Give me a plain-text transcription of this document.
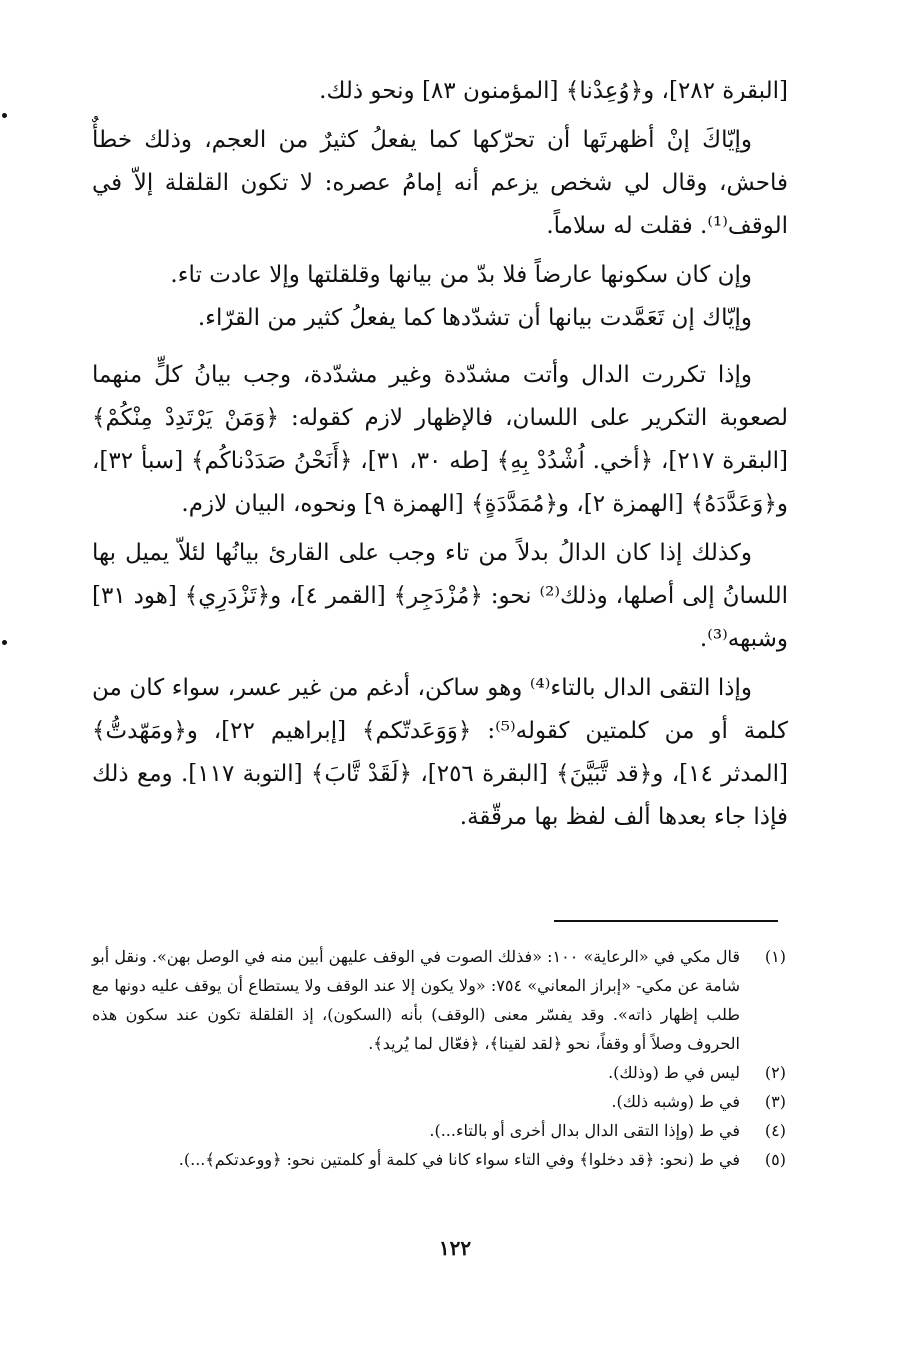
[البقرة ٢٨٢]، و﴿وُعِدْنا﴾ [المؤمنون ٨٣] ونحو ذلك.

وإيّاكَ إنْ أظهرتَها أن تحرّكها كما يفعلُ كثيرٌ من العجم، وذلك خطأٌ فاحش، وقال لي شخص يزعم أنه إمامُ عصره: لا تكون القلقلة إلاّ في الوقف⁽¹⁾. فقلت له سلاماً.

وإن كان سكونها عارضاً فلا بدّ من بيانها وقلقلتها وإلا عادت تاء.

وإيّاك إن تَعَمَّدت بيانها أن تشدّدها كما يفعلُ كثير من القرّاء.

وإذا تكررت الدال وأتت مشدّدة وغير مشدّدة، وجب بيانُ كلٍّ منهما لصعوبة التكرير على اللسان، فالإظهار لازم كقوله: ﴿وَمَنْ يَرْتَدِدْ مِنْكُمْ﴾ [البقرة ٢١٧]، ﴿أخي. اُشْدُدْ بِهِ﴾ [طه ٣٠، ٣١]، ﴿أَنَحْنُ صَدَدْناكُم﴾ [سبأ ٣٢]، و﴿وَعَدَّدَهُ﴾ [الهمزة ٢]، و﴿مُمَدَّدَةٍ﴾ [الهمزة ٩] ونحوه، البيان لازم.

وكذلك إذا كان الدالُ بدلاً من تاء وجب على القارئ بيانُها لئلاّ يميل بها اللسانُ إلى أصلها، وذلك⁽²⁾ نحو: ﴿مُزْدَجِر﴾ [القمر ٤]، و﴿تَزْدَرِي﴾ [هود ٣١] وشبهه⁽³⁾.

وإذا التقى الدال بالتاء⁽⁴⁾ وهو ساكن، أدغم من غير عسر، سواء كان من كلمة أو من كلمتين كقوله⁽⁵⁾: ﴿وَوَعَدتّكم﴾ [إبراهيم ٢٢]، و﴿ومَهّدتُّ﴾ [المدثر ١٤]، و﴿قد تَّبَيَّنَ﴾ [البقرة ٢٥٦]، ﴿لَقَدْ تَّابَ﴾ [التوبة ١١٧]. ومع ذلك فإذا جاء بعدها ألف لفظ بها مرقّقة.

(١)
قال مكي في «الرعاية» ١٠٠: «فذلك الصوت في الوقف عليهن أبين منه في الوصل بهن». ونقل أبو شامة عن مكي- «إبراز المعاني» ٧٥٤: «ولا يكون إلا عند الوقف ولا يستطاع أن يوقف عليه دونها مع طلب إظهار ذاته». وقد يفسّر معنى (الوقف) بأنه (السكون)، إذ القلقلة تكون عند سكون هذه الحروف وصلاً أو وقفاً، نحو ﴿لقد لقينا﴾، ﴿فعّال لما يُريد﴾.
(٢)
ليس في ط (وذلك).
(٣)
في ط (وشبه ذلك).
(٤)
في ط (وإذا التقى الدال بدال أخرى أو بالتاء...).
(٥)
في ط (نحو: ﴿قد دخلوا﴾ وفي التاء سواء كانا في كلمة أو كلمتين نحو: ﴿ووعدتكم﴾...).
١٢٢
